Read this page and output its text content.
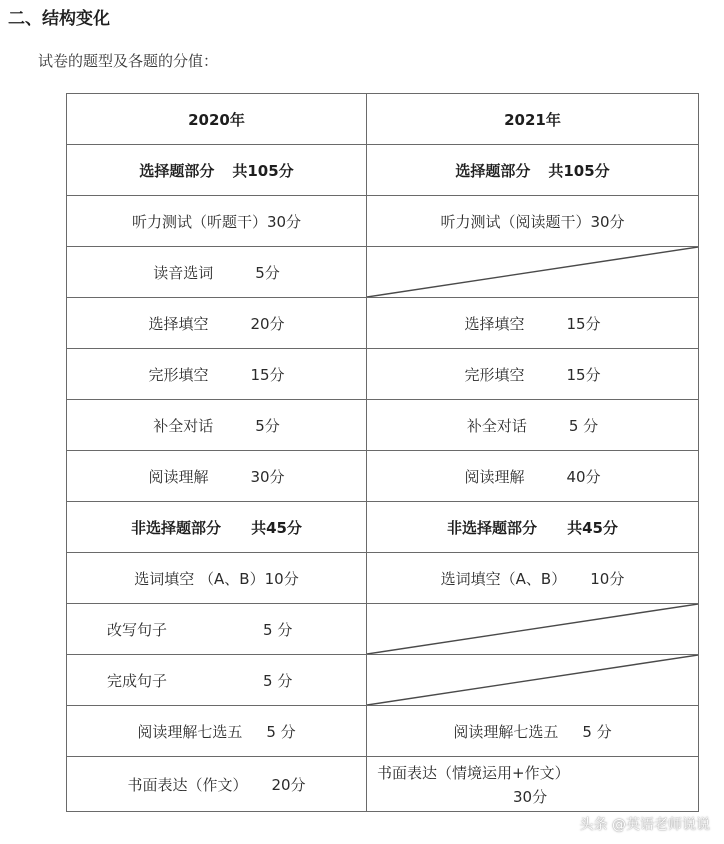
二、结构变化
试卷的题型及各题的分值：
2020年	2021年

选择题部分 共105分	选择题部分 共105分

听力测试（听题干） 30分	听力测试（阅读题干） 30分

读音选词 5分

选择填空 20分	选择填空 15分

完形填空 15分	完形填空 15分

补全对话 5分	补全对话 5 分

阅读理解 30分	阅读理解 40分

非选择题部分 共45分	非选择题部分 共45分

选词填空 （A、B） 10分	选词填空（A、B） 10分

改写句子 5 分

完成句子 5 分

阅读理解七选五 5 分	阅读理解七选五 5 分

书面表达（作文） 20分	书面表达（情境运用+作文）
30分
头条 @英语老师说说
